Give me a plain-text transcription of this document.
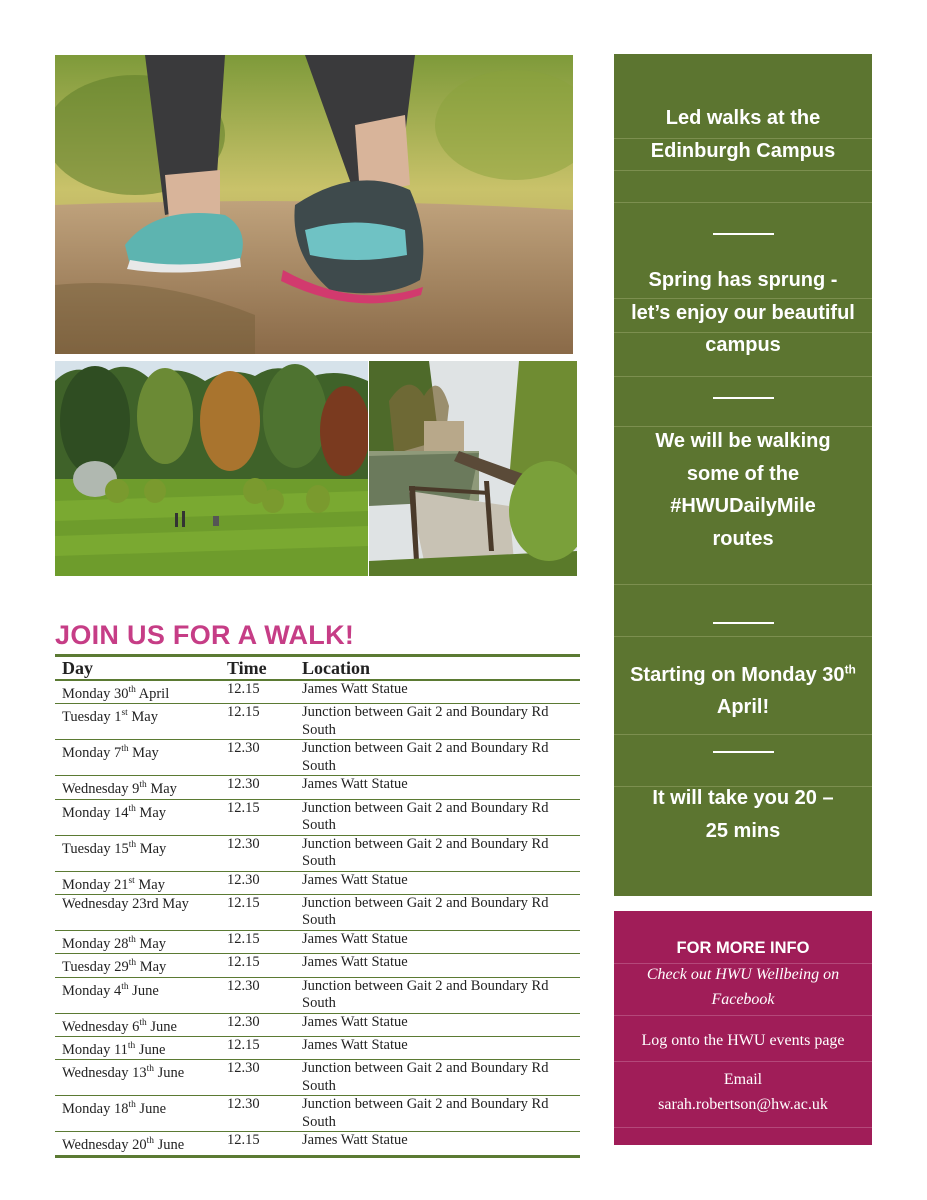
JOIN US FOR A WALK!
Day	Time	Location
Monday 30th April	12.15	James Watt Statue
Tuesday 1st May	12.15	Junction between Gait 2 and Boundary Rd South
Monday 7th May	12.30	Junction between Gait 2 and Boundary Rd South
Wednesday 9th May	12.30	James Watt Statue
Monday 14th May	12.15	Junction between Gait 2 and Boundary Rd South
Tuesday 15th May	12.30	Junction between Gait 2 and Boundary Rd South
Monday 21st May	12.30	James Watt Statue
Wednesday 23rd May	12.15	Junction between Gait 2 and Boundary Rd South
Monday 28th May	12.15	James Watt Statue
Tuesday 29th May	12.15	James Watt Statue
Monday 4th June	12.30	Junction between Gait 2 and Boundary Rd South
Wednesday 6th June	12.30	James Watt Statue
Monday 11th June	12.15	James Watt Statue
Wednesday 13th June	12.30	Junction between Gait 2 and Boundary Rd South
Monday 18th June	12.30	Junction between Gait 2 and Boundary Rd South
Wednesday 20th June	12.15	James Watt Statue
Led walks at the Edinburgh Campus
Spring has sprung - let’s enjoy our beautiful campus
We will be walking some of the #HWUDailyMile routes
Starting on Monday 30th April!
It will take you 20 – 25 mins
FOR MORE INFO
Check out HWU Wellbeing on Facebook
Log onto the HWU events page
Email
sarah.robertson@hw.ac.uk
